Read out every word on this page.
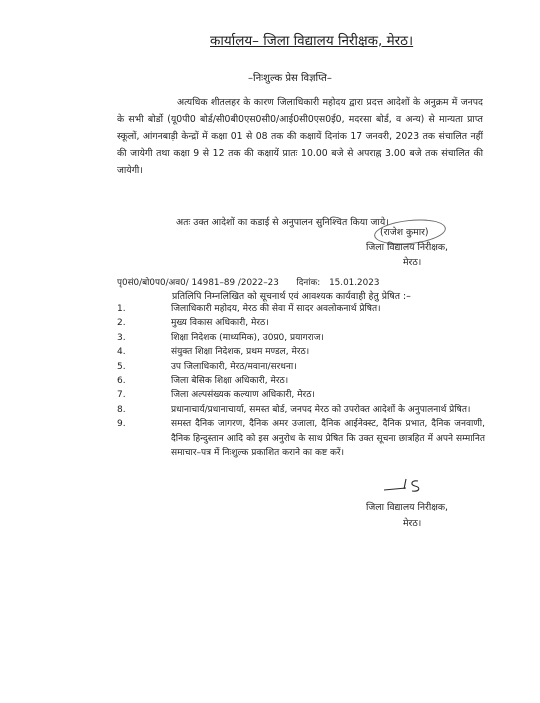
कार्यालय– जिला विद्यालय निरीक्षक, मेरठ।
–निःशुल्क प्रेस विज्ञप्ति–
अत्यधिक शीतलहर के कारण जिलाधिकारी महोदय द्वारा प्रदत्त आदेशों के अनुक्रम में जनपद के सभी बोर्डो (यू0पी0 बोर्ड/सी0बी0एस0सी0/आई0सी0एस0ई0, मदरसा बोर्ड, व अन्य) से मान्यता प्राप्त स्कूलों, आंगनबाड़ी केन्द्रों में कक्षा 01 से 08 तक की कक्षायें दिनांक 17 जनवरी, 2023 तक संचालित नहीं की जायेगी तथा कक्षा 9 से 12 तक की कक्षायें प्रातः 10.00 बजे से अपराह्न 3.00 बजे तक संचालित की जायेगी।
अतः उक्त आदेशों का कडाई से अनुपालन सुनिश्चित किया जाये।
(राजेश कुमार)
जिला विद्यालय निरीक्षक,
मेरठ।
पृ0सं0/बो0प0/अव0/ 14981–89 /2022–23 दिनांक: 15.01.2023
प्रतिलिपि निम्नलिखित को सूचनार्थ एवं आवश्यक कार्यवाही हेतु प्रेषित :–
1.	जिलाधिकारी महोदय, मेरठ की सेवा में सादर अवलोकनार्थ प्रेषित।
2.	मुख्य विकास अधिकारी, मेरठ।
3.	शिक्षा निदेशक (माध्यमिक), उ0प्र0, प्रयागराज।
4.	संयुक्त शिक्षा निदेशक, प्रथम मण्डल, मेरठ।
5.	उप जिलाधिकारी, मेरठ/मवाना/सरधना।
6.	जिला बेसिक शिक्षा अधिकारी, मेरठ।
7.	जिला अल्पसंख्यक कल्याण अधिकारी, मेरठ।
8.	प्रधानाचार्य/प्रधानाचार्या, समस्त बोर्ड, जनपद मेरठ को उपरोक्त आदेशों के अनुपालनार्थ प्रेषित।
9.	समस्त दैनिक जागरण, दैनिक अमर उजाला, दैनिक आईनेक्स्ट, दैनिक प्रभात, दैनिक जनवाणी, दैनिक हिन्दुस्तान आदि को इस अनुरोध के साथ प्रेषित कि उक्त सूचना छात्रहित में अपने सम्मानित समाचार–पत्र में निःशुल्क प्रकाशित कराने का कष्ट करें।
जिला विद्यालय निरीक्षक,
मेरठ।
